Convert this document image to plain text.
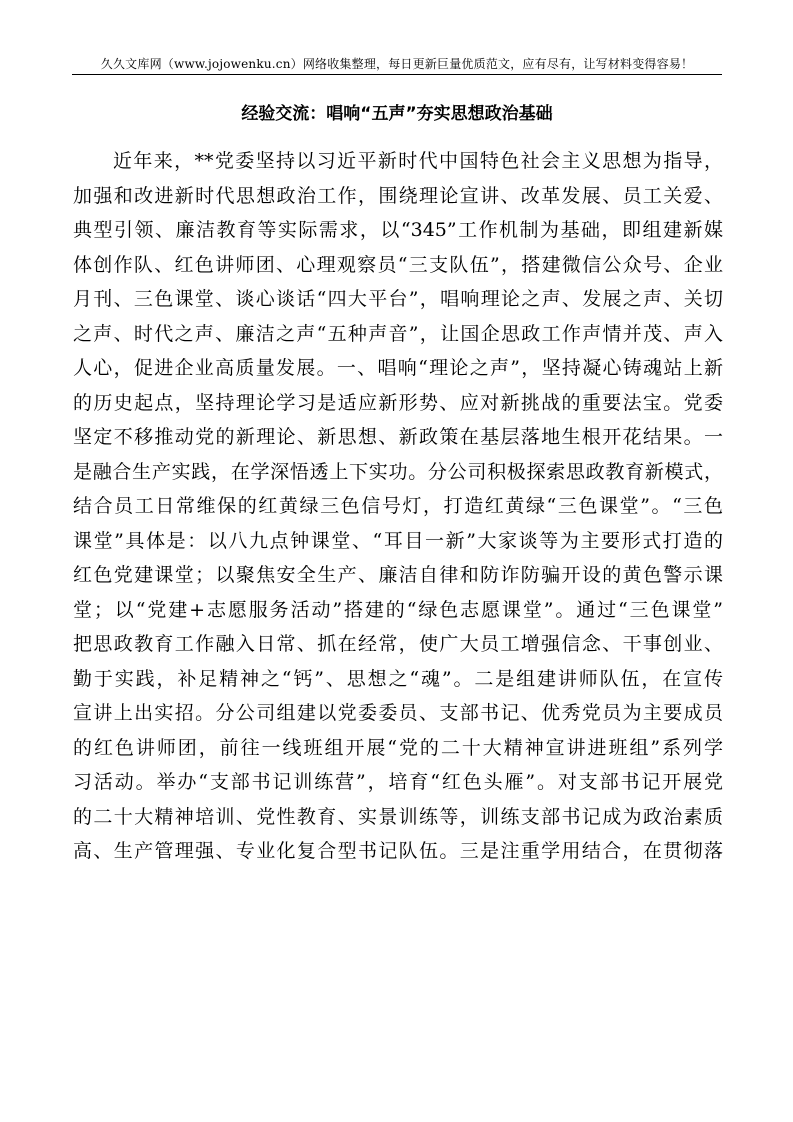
久久文库网（www.jojowenku.cn）网络收集整理，每日更新巨量优质范文，应有尽有，让写材料变得容易！
经验交流：唱响“五声”夯实思想政治基础
近年来，**党委坚持以习近平新时代中国特色社会主义思想为指导，
加强和改进新时代思想政治工作，围绕理论宣讲、改革发展、员工关爱、
典型引领、廉洁教育等实际需求，以“345”工作机制为基础，即组建新媒
体创作队、红色讲师团、心理观察员“三支队伍”，搭建微信公众号、企业
月刊、三色课堂、谈心谈话“四大平台”，唱响理论之声、发展之声、关切
之声、时代之声、廉洁之声“五种声音”，让国企思政工作声情并茂、声入
人心，促进企业高质量发展。一、唱响“理论之声”，坚持凝心铸魂站上新
的历史起点，坚持理论学习是适应新形势、应对新挑战的重要法宝。党委
坚定不移推动党的新理论、新思想、新政策在基层落地生根开花结果。一
是融合生产实践，在学深悟透上下实功。分公司积极探索思政教育新模式，
结合员工日常维保的红黄绿三色信号灯，打造红黄绿“三色课堂”。“三色
课堂”具体是：以八九点钟课堂、“耳目一新”大家谈等为主要形式打造的
红色党建课堂；以聚焦安全生产、廉洁自律和防诈防骗开设的黄色警示课
堂；以“党建+志愿服务活动”搭建的“绿色志愿课堂”。通过“三色课堂”
把思政教育工作融入日常、抓在经常，使广大员工增强信念、干事创业、
勤于实践，补足精神之“钙”、思想之“魂”。二是组建讲师队伍，在宣传
宣讲上出实招。分公司组建以党委委员、支部书记、优秀党员为主要成员
的红色讲师团，前往一线班组开展“党的二十大精神宣讲进班组”系列学
习活动。举办“支部书记训练营”，培育“红色头雁”。对支部书记开展党
的二十大精神培训、党性教育、实景训练等，训练支部书记成为政治素质
高、生产管理强、专业化复合型书记队伍。三是注重学用结合，在贯彻落
